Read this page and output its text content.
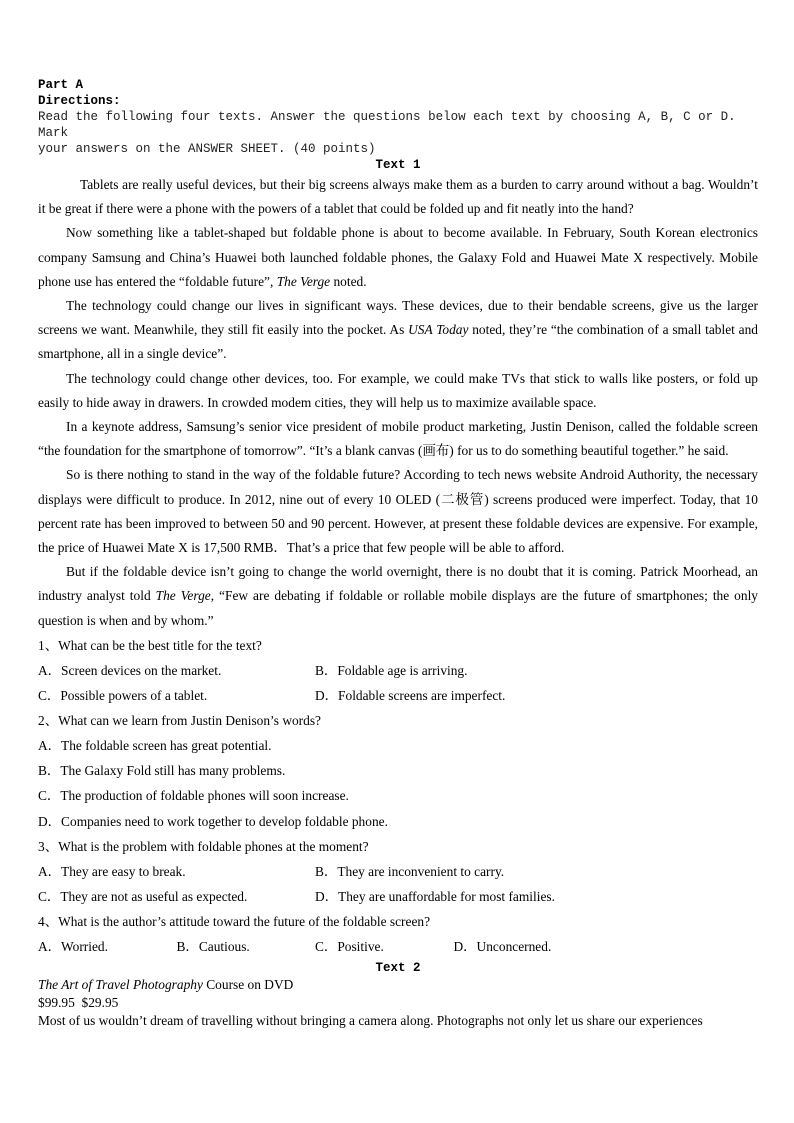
Part A
Directions:
Read the following four texts. Answer the questions below each text by choosing A, B, C or D. Mark
your answers on the ANSWER SHEET. (40 points)
Text 1

Tablets are really useful devices, but their big screens always make them as a burden to carry around without a bag. Wouldn’t it be great if there were a phone with the powers of a tablet that could be folded up and fit neatly into the hand?

Now something like a tablet-shaped but foldable phone is about to become available. In February, South Korean electronics company Samsung and China’s Huawei both launched foldable phones, the Galaxy Fold and Huawei Mate X respectively. Mobile phone use has entered the “foldable future”, The Verge noted.

The technology could change our lives in significant ways. These devices, due to their bendable screens, give us the larger screens we want. Meanwhile, they still fit easily into the pocket. As USA Today noted, they’re “the combination of a small tablet and smartphone, all in a single device”.

The technology could change other devices, too. For example, we could make TVs that stick to walls like posters, or fold up easily to hide away in drawers. In crowded modem cities, they will help us to maximize available space.

In a keynote address, Samsung’s senior vice president of mobile product marketing, Justin Denison, called the foldable screen “the foundation for the smartphone of tomorrow”. “It’s a blank canvas (画布) for us to do something beautiful together.” he said.

So is there nothing to stand in the way of the foldable future? According to tech news website Android Authority, the necessary displays were difficult to produce. In 2012, nine out of every 10 OLED (二极管) screens produced were imperfect. Today, that 10 percent rate has been improved to between 50 and 90 percent. However, at present these foldable devices are expensive. For example, the price of Huawei Mate X is 17,500 RMB．That’s a price that few people will be able to afford.

But if the foldable device isn’t going to change the world overnight, there is no doubt that it is coming. Patrick Moorhead, an industry analyst told The Verge, “Few are debating if foldable or rollable mobile displays are the future of smartphones; the only question is when and by whom.”

1、What can be the best title for the text?

A．Screen devices on the market.	B．Foldable age is arriving.
C．Possible powers of a tablet.	D．Foldable screens are imperfect.

2、What can we learn from Justin Denison’s words?

A．The foldable screen has great potential.
B．The Galaxy Fold still has many problems.
C．The production of foldable phones will soon increase.
D．Companies need to work together to develop foldable phone.

3、What is the problem with foldable phones at the moment?

A．They are easy to break.	B．They are inconvenient to carry.
C．They are not as useful as expected.	D．They are unaffordable for most families.

4、What is the author’s attitude toward the future of the foldable screen?

A．Worried.	B．Cautious.	C．Positive.	D．Unconcerned.
Text 2

The Art of Travel Photography Course on DVD

$99.95  $29.95

Most of us wouldn’t dream of travelling without bringing a camera along. Photographs not only let us share our experiences
